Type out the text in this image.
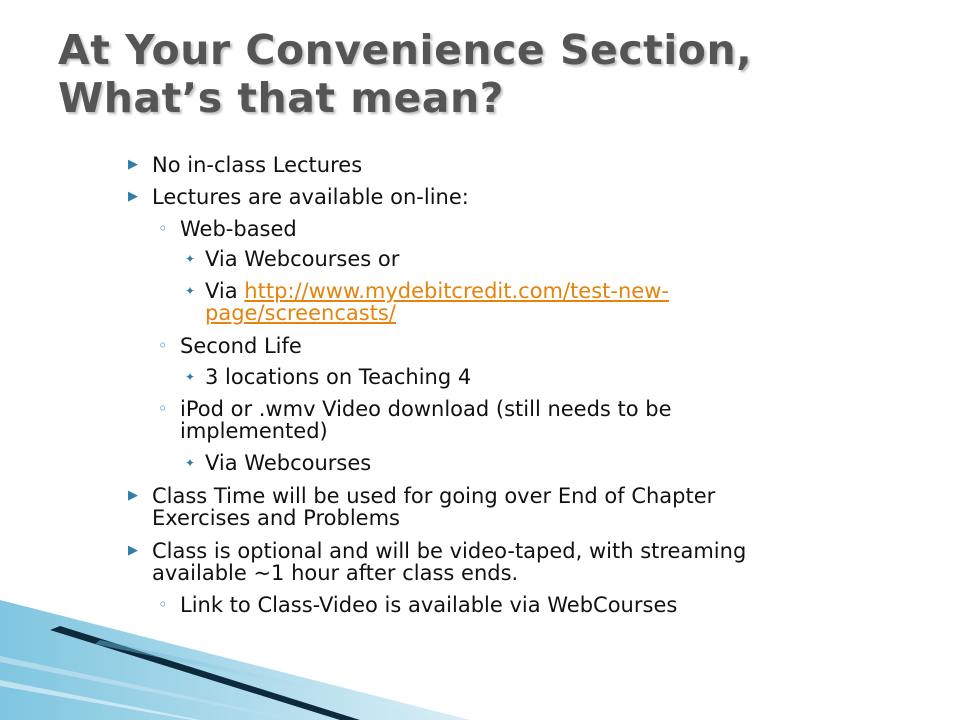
At Your Convenience Section,
What’s that mean?
▶ No in-class Lectures
▶ Lectures are available on-line:
◦ Web-based
✦ Via Webcourses or
✦ Via http://www.mydebitcredit.com/test-new-
page/screencasts/
◦ Second Life
✦ 3 locations on Teaching 4
◦ iPod or .wmv Video download (still needs to be
implemented)
✦ Via Webcourses
▶ Class Time will be used for going over End of Chapter
Exercises and Problems
▶ Class is optional and will be video-taped, with streaming
available ~1 hour after class ends.
◦ Link to Class-Video is available via WebCourses
